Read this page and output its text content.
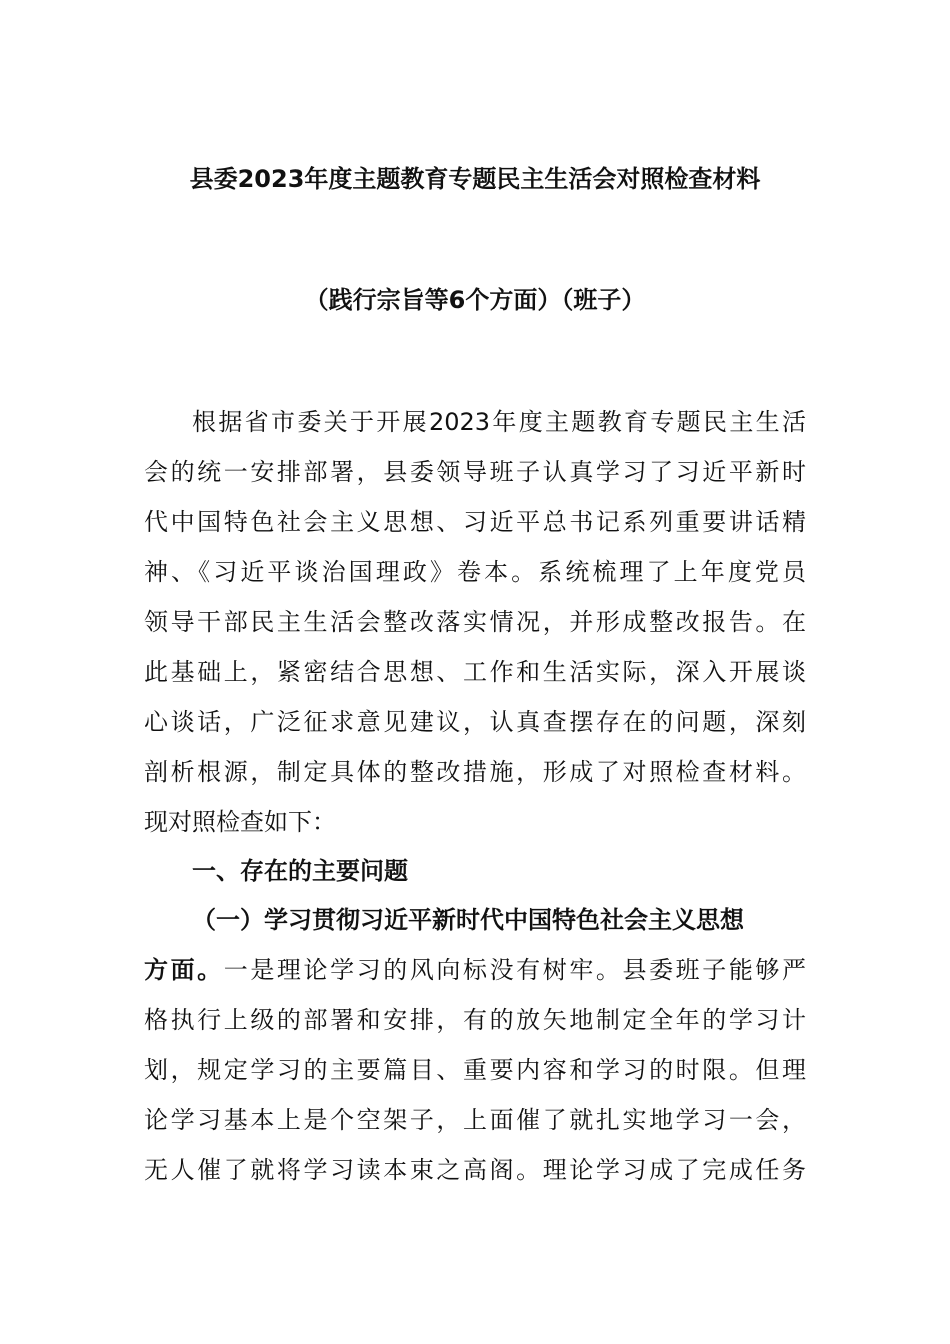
县委2023年度主题教育专题民主生活会对照检查材料
（践行宗旨等6个方面）（班子）
根据省市委关于开展2023年度主题教育专题民主生活
会的统一安排部署，县委领导班子认真学习了习近平新时
代中国特色社会主义思想、习近平总书记系列重要讲话精
神、《习近平谈治国理政》卷本。系统梳理了上年度党员
领导干部民主生活会整改落实情况，并形成整改报告。在
此基础上，紧密结合思想、工作和生活实际，深入开展谈
心谈话，广泛征求意见建议，认真查摆存在的问题，深刻
剖析根源，制定具体的整改措施，形成了对照检查材料。
现对照检查如下：
一、存在的主要问题
（一）学习贯彻习近平新时代中国特色社会主义思想
方面。一是理论学习的风向标没有树牢。县委班子能够严
格执行上级的部署和安排，有的放矢地制定全年的学习计
划，规定学习的主要篇目、重要内容和学习的时限。但理
论学习基本上是个空架子，上面催了就扎实地学习一会，
无人催了就将学习读本束之高阁。理论学习成了完成任务
